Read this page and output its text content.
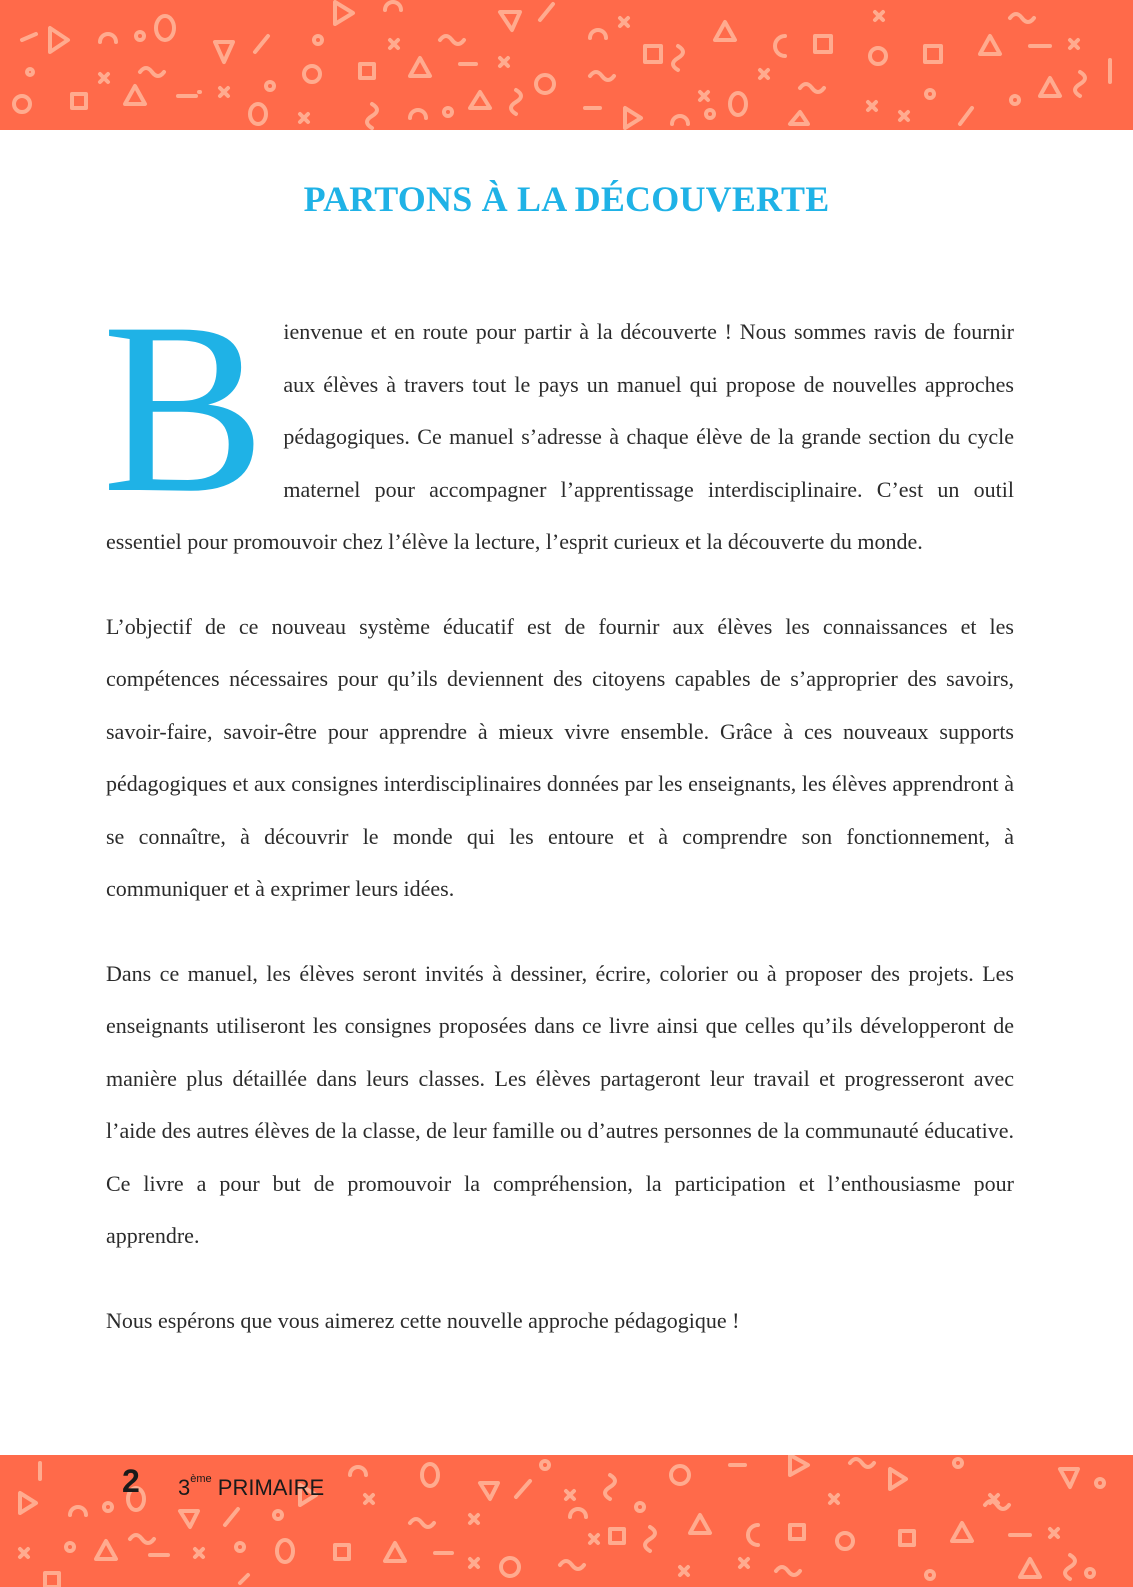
PARTONS À LA DÉCOUVERTE

Bienvenue et en route pour partir à la découverte ! Nous sommes ravis de fournir aux élèves à travers tout le pays un manuel qui propose de nouvelles approches pédagogiques. Ce manuel s’adresse à chaque élève de la grande section du cycle maternel pour accompagner l’apprentissage interdisciplinaire. C’est un outil essentiel pour promouvoir chez l’élève la lecture, l’esprit curieux et la découverte du monde.

L’objectif de ce nouveau système éducatif est de fournir aux élèves les connaissances et les compétences nécessaires pour qu’ils deviennent des citoyens capables de s’approprier des savoirs, savoir-faire, savoir-être pour apprendre à mieux vivre ensemble. Grâce à ces nouveaux supports pédagogiques et aux consignes interdisciplinaires données par les enseignants, les élèves apprendront à se connaître, à découvrir le monde qui les entoure et à comprendre son fonctionnement, à communiquer et à exprimer leurs idées.

Dans ce manuel, les élèves seront invités à dessiner, écrire, colorier ou à proposer des projets. Les enseignants utiliseront les consignes proposées dans ce livre ainsi que celles qu’ils développeront de manière plus détaillée dans leurs classes. Les élèves partageront leur travail et progresseront avec l’aide des autres élèves de la classe, de leur famille ou d’autres personnes de la communauté éducative. Ce livre a pour but de promouvoir la compréhension, la participation et l’enthousiasme pour apprendre.

Nous espérons que vous aimerez cette nouvelle approche pédagogique !

2 3ème PRIMAIRE
